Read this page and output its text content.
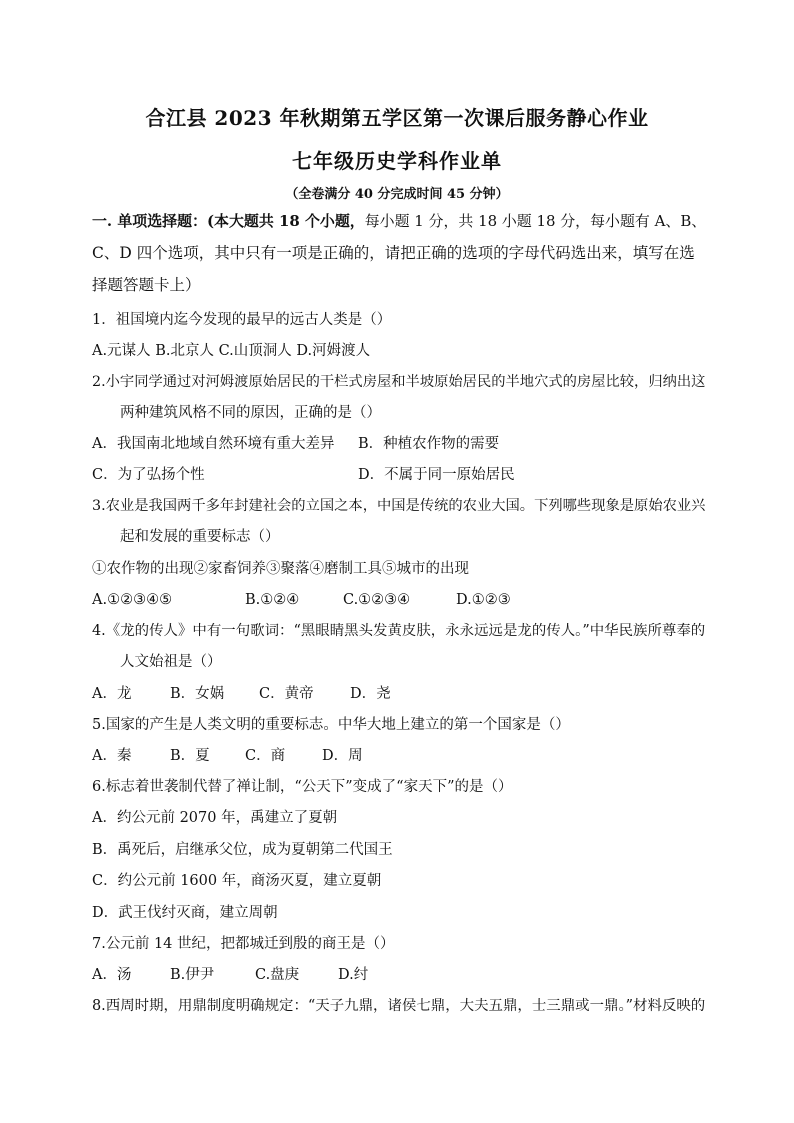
合江县 2023 年秋期第五学区第一次课后服务静心作业
七年级历史学科作业单
（全卷满分 40 分完成时间 45 分钟）
一. 单项选择题：(本大题共 18 个小题，每小题 1 分，共 18 小题 18 分，每小题有 A、B、
C、D 四个选项，其中只有一项是正确的，请把正确的选项的字母代码选出来，填写在选
择题答题卡上）
1．祖国境内迄今发现的最早的远古人类是（）
A.元谋人 B.北京人 C.山顶洞人 D.河姆渡人
2.小宇同学通过对河姆渡原始居民的干栏式房屋和半坡原始居民的半地穴式的房屋比较，归纳出这
两种建筑风格不同的原因，正确的是（）
A．我国南北地域自然环境有重大差异 B．种植农作物的需要
C．为了弘扬个性	D．不属于同一原始居民
3.农业是我国两千多年封建社会的立国之本，中国是传统的农业大国。下列哪些现象是原始农业兴
起和发展的重要标志（）
①农作物的出现②家畜饲养③聚落④磨制工具⑤城市的出现
A.①②③④⑤	B.①②④	C.①②③④	D.①②③
4.《龙的传人》中有一句歌词：“黑眼睛黑头发黄皮肤，永永远远是龙的传人。”中华民族所尊奉的
人文始祖是（）
A．龙	B．女娲 C．黄帝	D．尧
5.国家的产生是人类文明的重要标志。中华大地上建立的第一个国家是（）
A．秦	B．夏 C．商	D．周
6.标志着世袭制代替了禅让制，“公天下”变成了“家天下”的是（）
A．约公元前 2070 年，禹建立了夏朝
B．禹死后，启继承父位，成为夏朝第二代国王
C．约公元前 1600 年，商汤灭夏，建立夏朝
D．武王伐纣灭商，建立周朝
7.公元前 14 世纪，把都城迁到殷的商王是（）
A．汤	B.伊尹	C.盘庚	D.纣
8.西周时期，用鼎制度明确规定：“天子九鼎，诸侯七鼎，大夫五鼎，士三鼎或一鼎。”材料反映的
